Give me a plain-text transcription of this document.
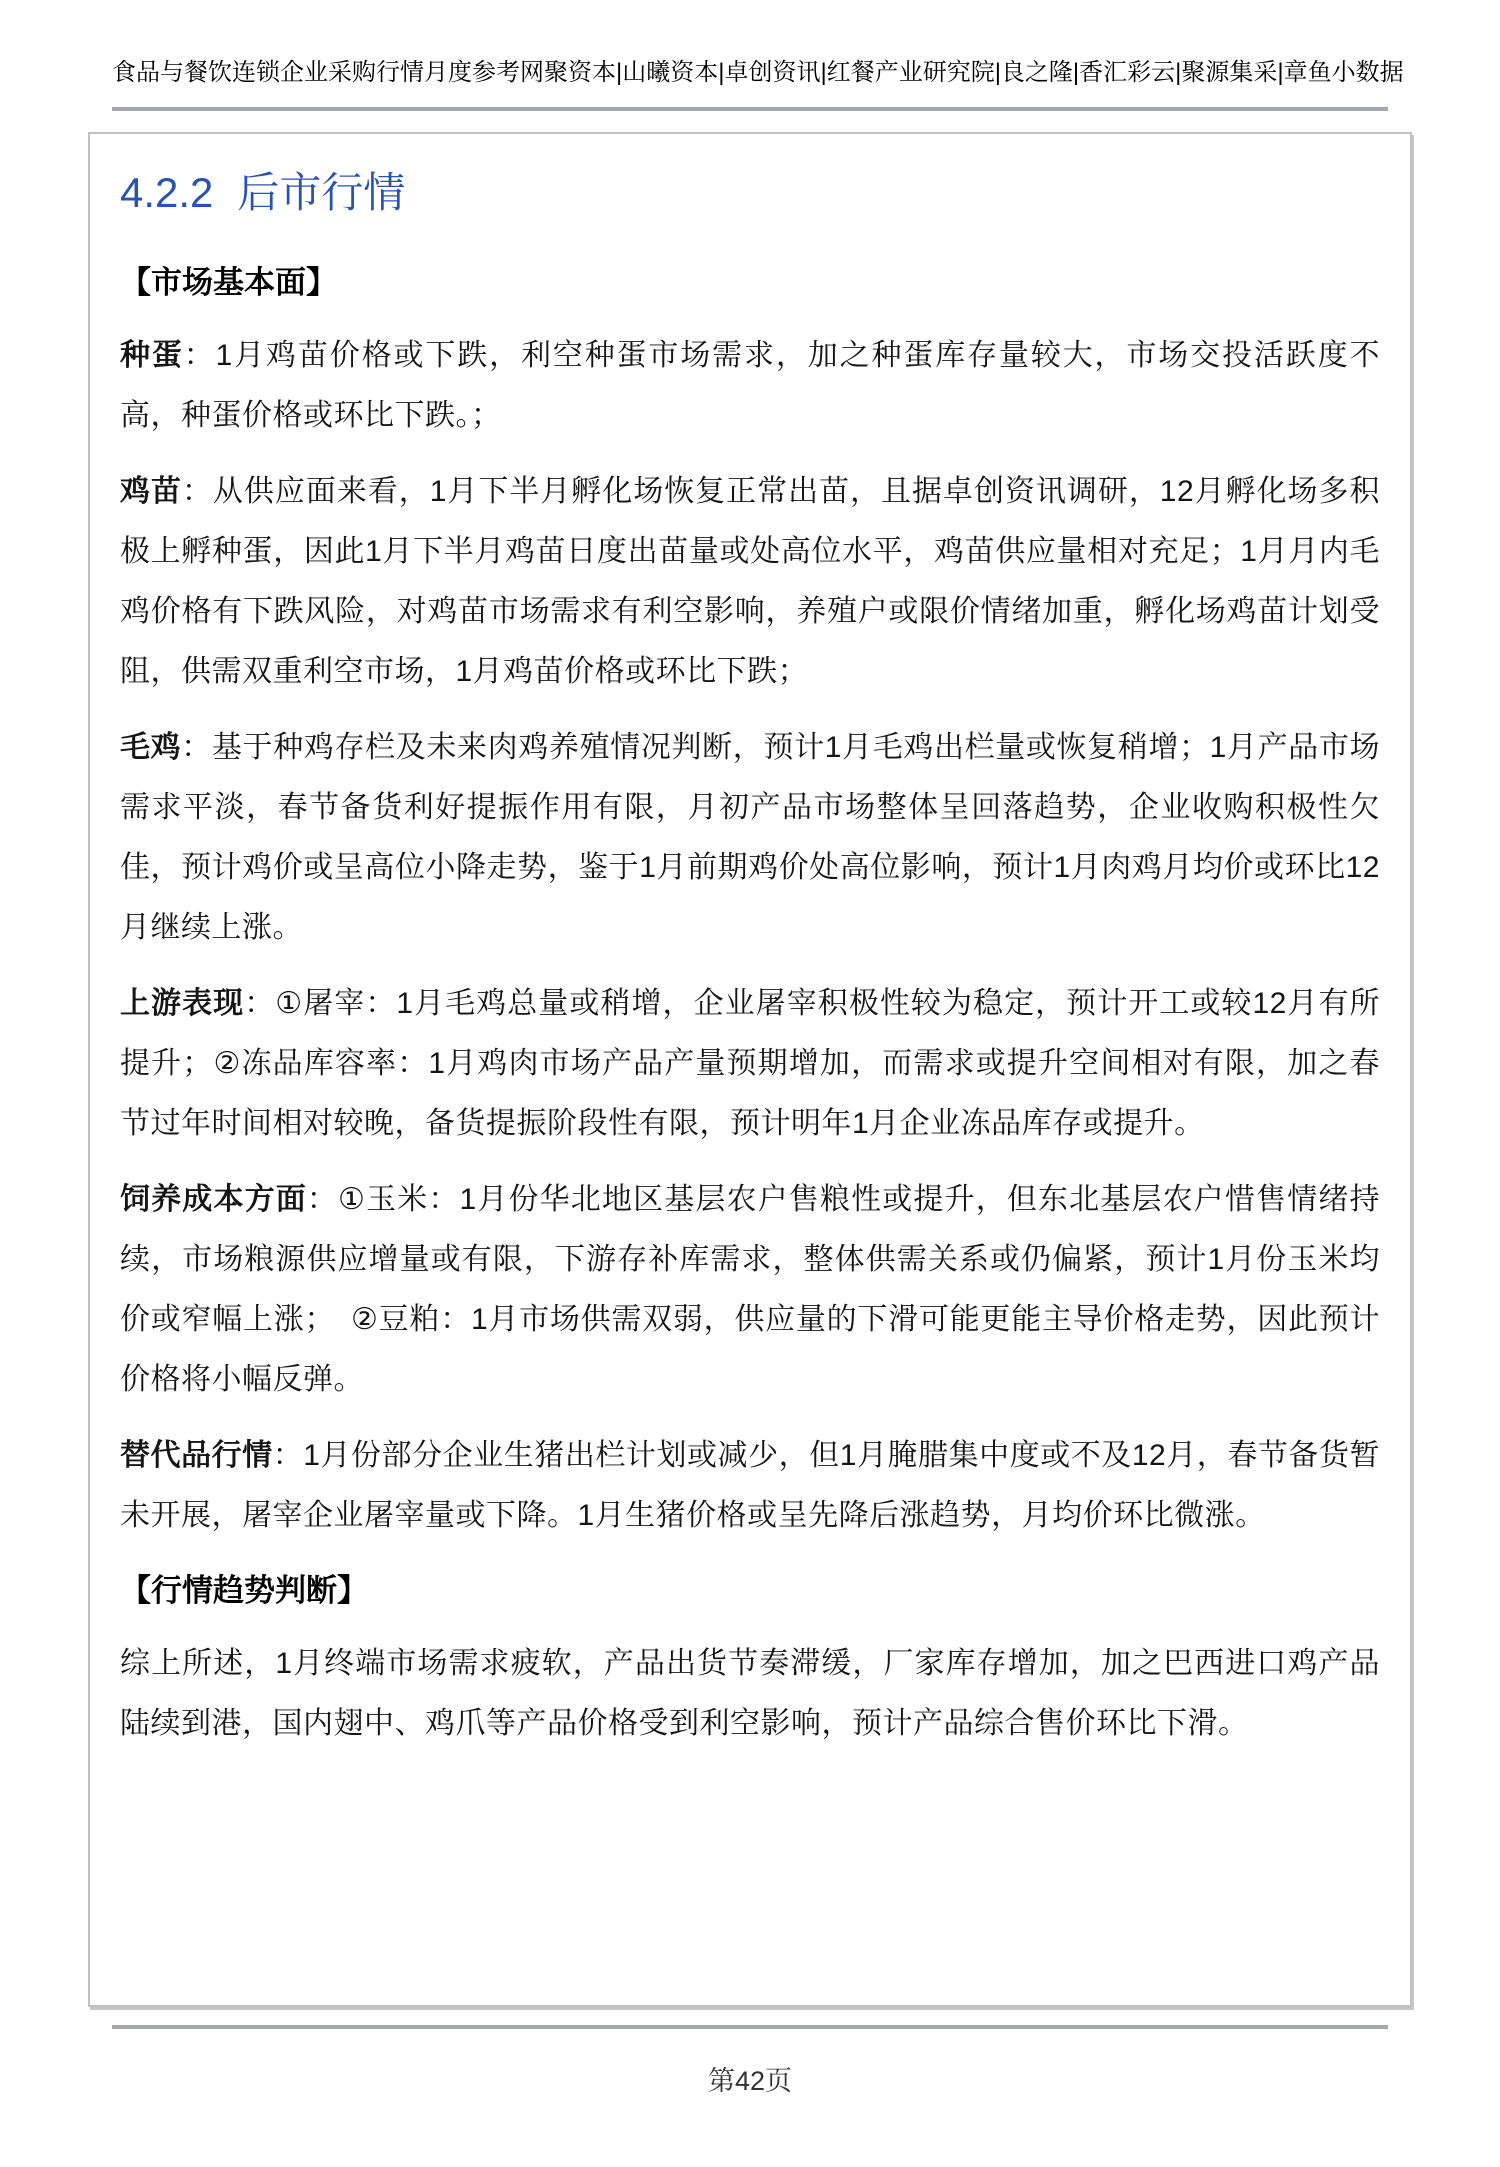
食品与餐饮连锁企业采购行情月度参考 网聚资本|山曦资本|卓创资讯|红餐产业研究院|良之隆|香汇彩云|聚源集采|章鱼小数据
4.2.2 后市行情
【市场基本面】

种蛋：1月鸡苗价格或下跌，利空种蛋市场需求，加之种蛋库存量较大，市场交投活跃度不高，种蛋价格或环比下跌。；

鸡苗：从供应面来看，1月下半月孵化场恢复正常出苗，且据卓创资讯调研，12月孵化场多积极上孵种蛋，因此1月下半月鸡苗日度出苗量或处高位水平，鸡苗供应量相对充足；1月月内毛鸡价格有下跌风险，对鸡苗市场需求有利空影响，养殖户或限价情绪加重，孵化场鸡苗计划受阻，供需双重利空市场，1月鸡苗价格或环比下跌；

毛鸡：基于种鸡存栏及未来肉鸡养殖情况判断，预计1月毛鸡出栏量或恢复稍增；1月产品市场需求平淡，春节备货利好提振作用有限，月初产品市场整体呈回落趋势，企业收购积极性欠佳，预计鸡价或呈高位小降走势，鉴于1月前期鸡价处高位影响，预计1月肉鸡月均价或环比12月继续上涨。

上游表现：①屠宰：1月毛鸡总量或稍增，企业屠宰积极性较为稳定，预计开工或较12月有所提升；②冻品库容率：1月鸡肉市场产品产量预期增加，而需求或提升空间相对有限，加之春节过年时间相对较晚，备货提振阶段性有限，预计明年1月企业冻品库存或提升。

饲养成本方面：①玉米：1月份华北地区基层农户售粮性或提升，但东北基层农户惜售情绪持续，市场粮源供应增量或有限，下游存补库需求，整体供需关系或仍偏紧，预计1月份玉米均价或窄幅上涨；　②豆粕：1月市场供需双弱，供应量的下滑可能更能主导价格走势，因此预计价格将小幅反弹。

替代品行情：1月份部分企业生猪出栏计划或减少，但1月腌腊集中度或不及12月，春节备货暂未开展，屠宰企业屠宰量或下降。1月生猪价格或呈先降后涨趋势，月均价环比微涨。

【行情趋势判断】

综上所述，1月终端市场需求疲软，产品出货节奏滞缓，厂家库存增加，加之巴西进口鸡产品陆续到港，国内翅中、鸡爪等产品价格受到利空影响，预计产品综合售价环比下滑。

第42页
